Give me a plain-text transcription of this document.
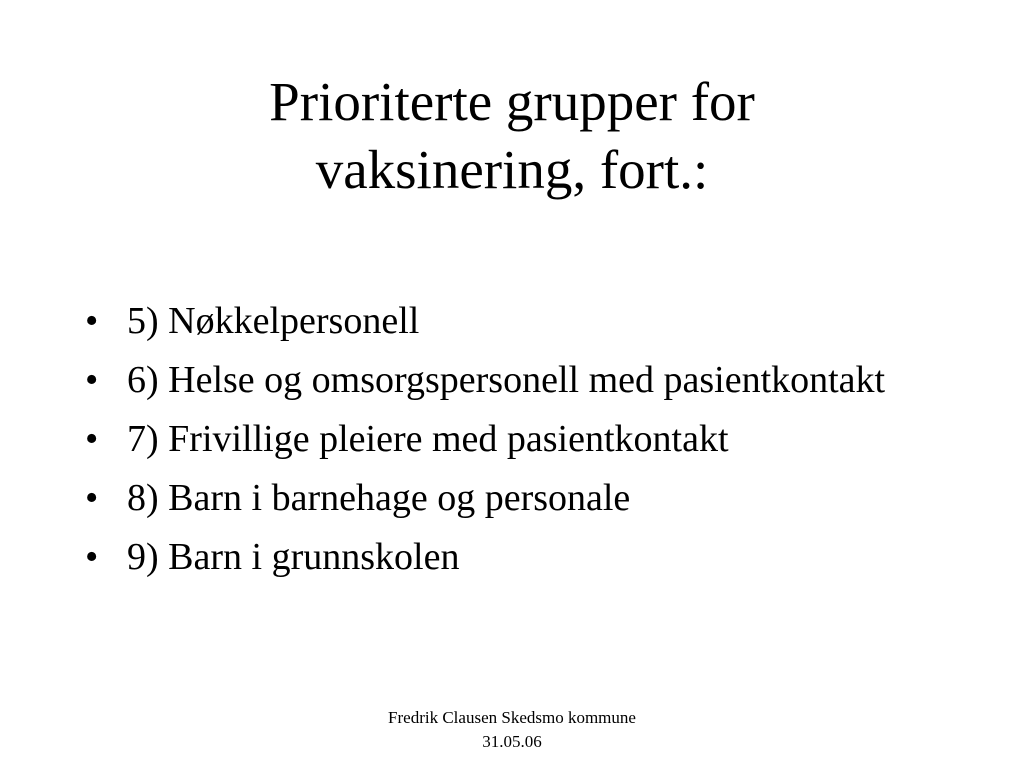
Prioriterte grupper for
vaksinering, fort.:
• 5) Nøkkelpersonell
• 6) Helse og omsorgspersonell med pasientkontakt
• 7) Frivillige pleiere med pasientkontakt
• 8) Barn i barnehage og personale
• 9) Barn i grunnskolen
Fredrik Clausen Skedsmo kommune
31.05.06
